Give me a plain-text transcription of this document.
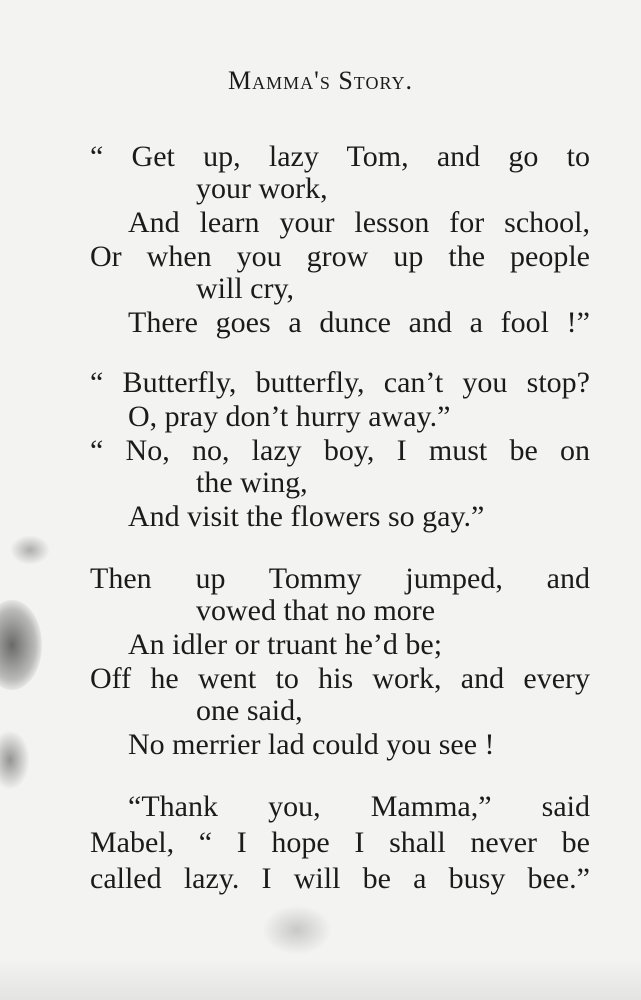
Mamma's Story.
“ Get up, lazy Tom, and go to
your work,
And learn your lesson for school,
Or when you grow up the people
will cry,
There goes a dunce and a fool !”
“ Butterfly, butterfly, can’t you stop?
O, pray don’t hurry away.”
“ No, no, lazy boy, I must be on
the wing,
And visit the flowers so gay.”
Then up Tommy jumped, and
vowed that no more
An idler or truant he’d be;
Off he went to his work, and every
one said,
No merrier lad could you see !
“Thank you, Mamma,” said
Mabel, “ I hope I shall never be
called lazy. I will be a busy bee.”
